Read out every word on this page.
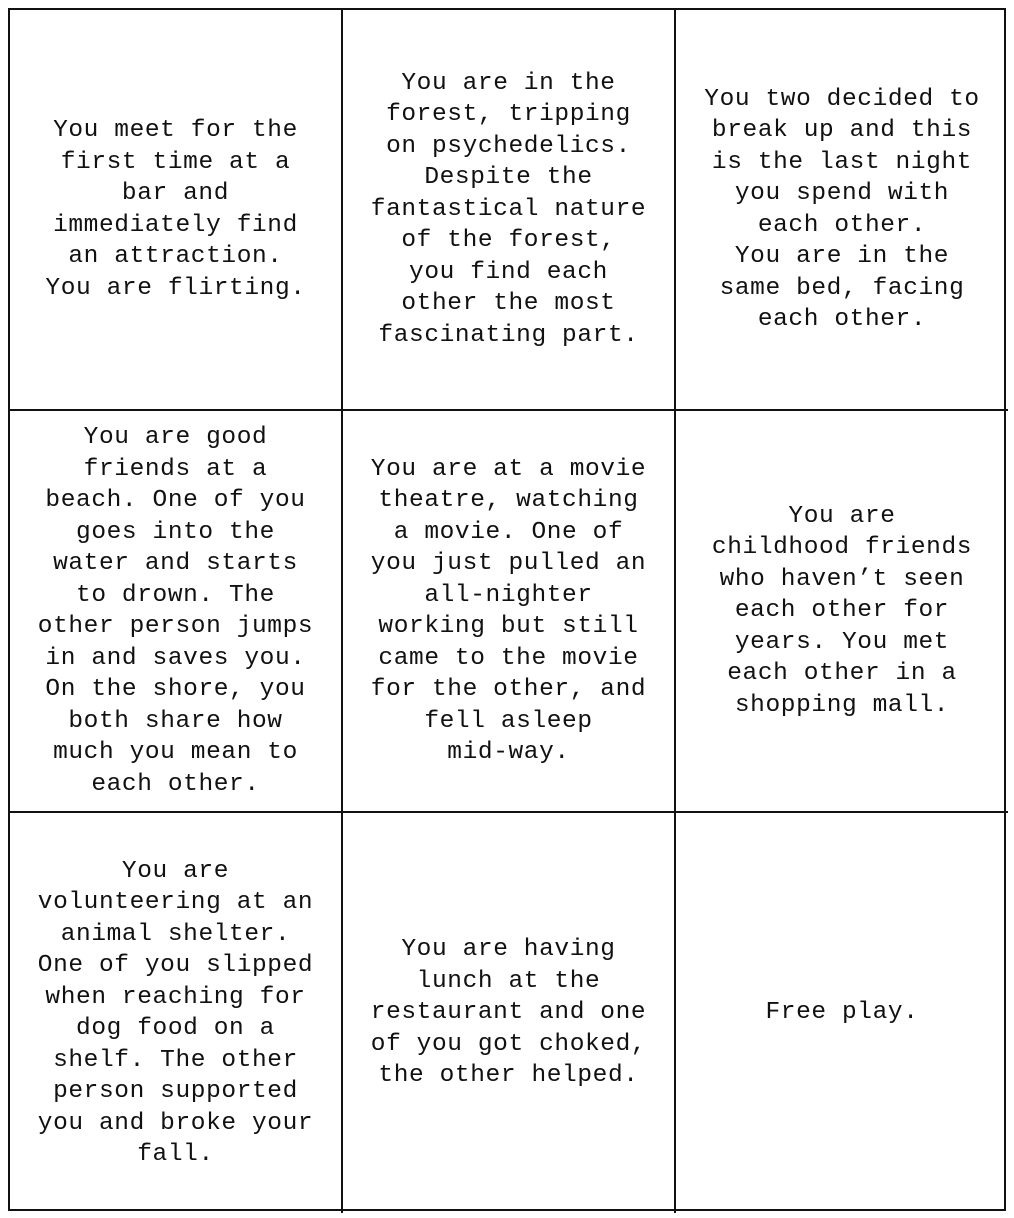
You meet for the
first time at a
bar and
immediately find
an attraction.
You are flirting.
You are in the
forest, tripping
on psychedelics.
Despite the
fantastical nature
of the forest,
you find each
other the most
fascinating part.
You two decided to
break up and this
is the last night
you spend with
each other.
You are in the
same bed, facing
each other.
You are good
friends at a
beach. One of you
goes into the
water and starts
to drown. The
other person jumps
in and saves you.
On the shore, you
both share how
much you mean to
each other.
You are at a movie
theatre, watching
a movie. One of
you just pulled an
all-nighter
working but still
came to the movie
for the other, and
fell asleep
mid-way.
You are
childhood friends
who haven’t seen
each other for
years. You met
each other in a
shopping mall.
You are
volunteering at an
animal shelter.
One of you slipped
when reaching for
dog food on a
shelf. The other
person supported
you and broke your
fall.
You are having
lunch at the
restaurant and one
of you got choked,
the other helped.
Free play.
